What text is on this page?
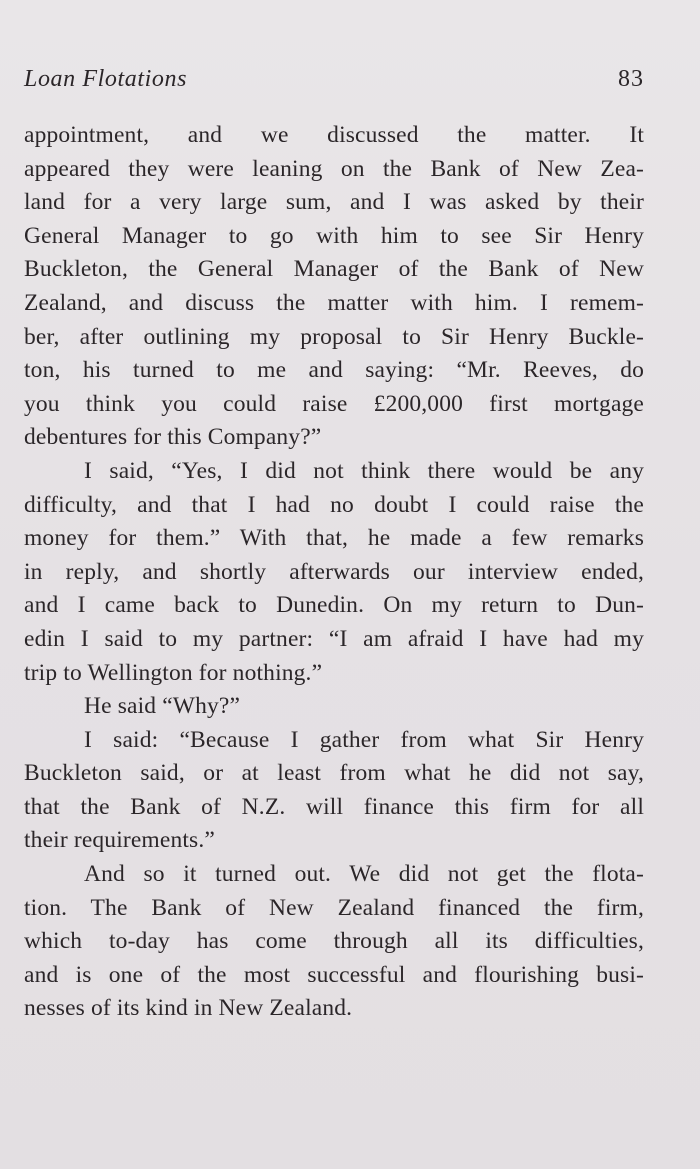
Loan Flotations	83
appointment, and we discussed the matter. It
appeared they were leaning on the Bank of New Zea-
land for a very large sum, and I was asked by their
General Manager to go with him to see Sir Henry
Buckleton, the General Manager of the Bank of New
Zealand, and discuss the matter with him. I remem-
ber, after outlining my proposal to Sir Henry Buckle-
ton, his turned to me and saying: “Mr. Reeves, do
you think you could raise £200,000 first mortgage
debentures for this Company?”
I said, “Yes, I did not think there would be any
difficulty, and that I had no doubt I could raise the
money for them.” With that, he made a few remarks
in reply, and shortly afterwards our interview ended,
and I came back to Dunedin. On my return to Dun-
edin I said to my partner: “I am afraid I have had my
trip to Wellington for nothing.”
He said “Why?”
I said: “Because I gather from what Sir Henry
Buckleton said, or at least from what he did not say,
that the Bank of N.Z. will finance this firm for all
their requirements.”
And so it turned out. We did not get the flota-
tion. The Bank of New Zealand financed the firm,
which to-day has come through all its difficulties,
and is one of the most successful and flourishing busi-
nesses of its kind in New Zealand.
